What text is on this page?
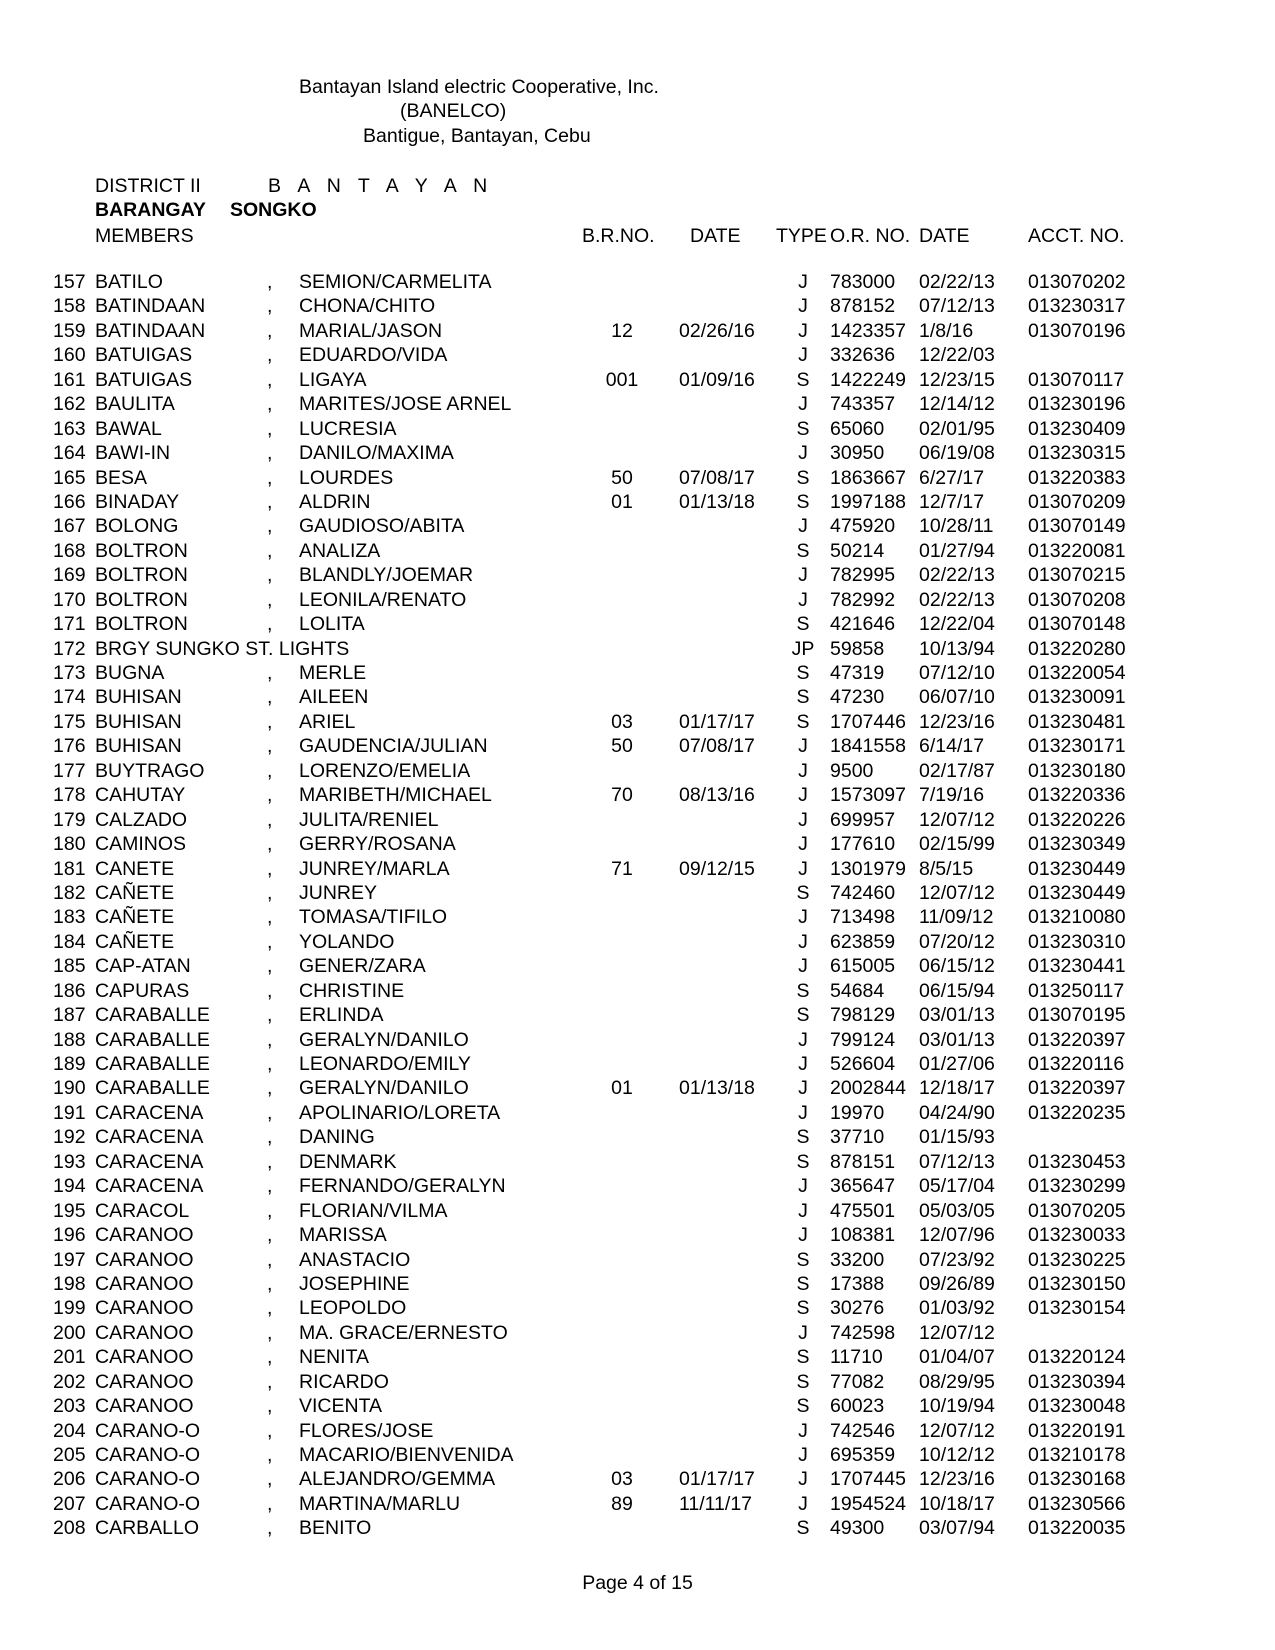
Bantayan Island electric Cooperative, Inc.
(BANELCO)
Bantigue, Bantayan, Cebu
DISTRICT II	B A N T A Y A N
BARANGAY SONGKO
MEMBERS	B.R.NO. DATE TYPE O.R. NO. DATE	ACCT. NO.
157 BATILO	, SEMION/CARMELITA	J	783000 02/22/13 013070202
158 BATINDAAN	, CHONA/CHITO	J	878152 07/12/13 013230317
159 BATINDAAN	, MARIAL/JASON	12	02/26/16	J	1423357 1/8/16	013070196
160 BATUIGAS	, EDUARDO/VIDA	J	332636 12/22/03
161 BATUIGAS	, LIGAYA	001 01/09/16	S	1422249 12/23/15 013070117
162 BAULITA	, MARITES/JOSE ARNEL	J	743357 12/14/12 013230196
163 BAWAL	, LUCRESIA	S	65060 02/01/95 013230409
164 BAWI-IN	, DANILO/MAXIMA	J	30950 06/19/08 013230315
165 BESA	, LOURDES	50	07/08/17	S	1863667 6/27/17 013220383
166 BINADAY	, ALDRIN	01	01/13/18	S	1997188 12/7/17 013070209
167 BOLONG	, GAUDIOSO/ABITA	J	475920 10/28/11 013070149
168 BOLTRON	, ANALIZA	S	50214 01/27/94 013220081
169 BOLTRON	, BLANDLY/JOEMAR	J	782995 02/22/13 013070215
170 BOLTRON	, LEONILA/RENATO	J	782992 02/22/13 013070208
171 BOLTRON	, LOLITA	S	421646 12/22/04 013070148
172 BRGY SUNGKO ST. LIGHTS	JP 59858 10/13/94 013220280
173 BUGNA	, MERLE	S	47319 07/12/10 013220054
174 BUHISAN	, AILEEN	S	47230 06/07/10 013230091
175 BUHISAN	, ARIEL	03	01/17/17	S	1707446 12/23/16 013230481
176 BUHISAN	, GAUDENCIA/JULIAN	50	07/08/17	J	1841558 6/14/17 013230171
177 BUYTRAGO	, LORENZO/EMELIA	J	9500 02/17/87 013230180
178 CAHUTAY	, MARIBETH/MICHAEL	70	08/13/16	J	1573097 7/19/16 013220336
179 CALZADO	, JULITA/RENIEL	J	699957 12/07/12 013220226
180 CAMINOS	, GERRY/ROSANA	J	177610 02/15/99 013230349
181 CANETE	, JUNREY/MARLA	71	09/12/15	J	1301979 8/5/15	013230449
182 CAÑETE	, JUNREY	S	742460 12/07/12 013230449
183 CAÑETE	, TOMASA/TIFILO	J	713498 11/09/12 013210080
184 CAÑETE	, YOLANDO	J	623859 07/20/12 013230310
185 CAP-ATAN	, GENER/ZARA	J	615005 06/15/12 013230441
186 CAPURAS	, CHRISTINE	S	54684 06/15/94 013250117
187 CARABALLE	, ERLINDA	S	798129 03/01/13 013070195
188 CARABALLE	, GERALYN/DANILO	J	799124 03/01/13 013220397
189 CARABALLE	, LEONARDO/EMILY	J	526604 01/27/06 013220116
190 CARABALLE	, GERALYN/DANILO	01	01/13/18	J	2002844 12/18/17 013220397
191 CARACENA	, APOLINARIO/LORETA	J	19970 04/24/90 013220235
192 CARACENA	, DANING	S	37710 01/15/93
193 CARACENA	, DENMARK	S	878151 07/12/13 013230453
194 CARACENA	, FERNANDO/GERALYN	J	365647 05/17/04 013230299
195 CARACOL	, FLORIAN/VILMA	J	475501 05/03/05 013070205
196 CARANOO	, MARISSA	J	108381 12/07/96 013230033
197 CARANOO	, ANASTACIO	S	33200 07/23/92 013230225
198 CARANOO	, JOSEPHINE	S	17388 09/26/89 013230150
199 CARANOO	, LEOPOLDO	S	30276 01/03/92 013230154
200 CARANOO	, MA. GRACE/ERNESTO	J	742598 12/07/12
201 CARANOO	, NENITA	S	11710 01/04/07 013220124
202 CARANOO	, RICARDO	S	77082 08/29/95 013230394
203 CARANOO	, VICENTA	S	60023 10/19/94 013230048
204 CARANO-O	, FLORES/JOSE	J	742546 12/07/12 013220191
205 CARANO-O	, MACARIO/BIENVENIDA	J	695359 10/12/12 013210178
206 CARANO-O	, ALEJANDRO/GEMMA	03	01/17/17	J	1707445 12/23/16 013230168
207 CARANO-O	, MARTINA/MARLU	89	11/11/17	J	1954524 10/18/17 013230566
208 CARBALLO	, BENITO	S	49300 03/07/94 013220035
Page 4 of 15
